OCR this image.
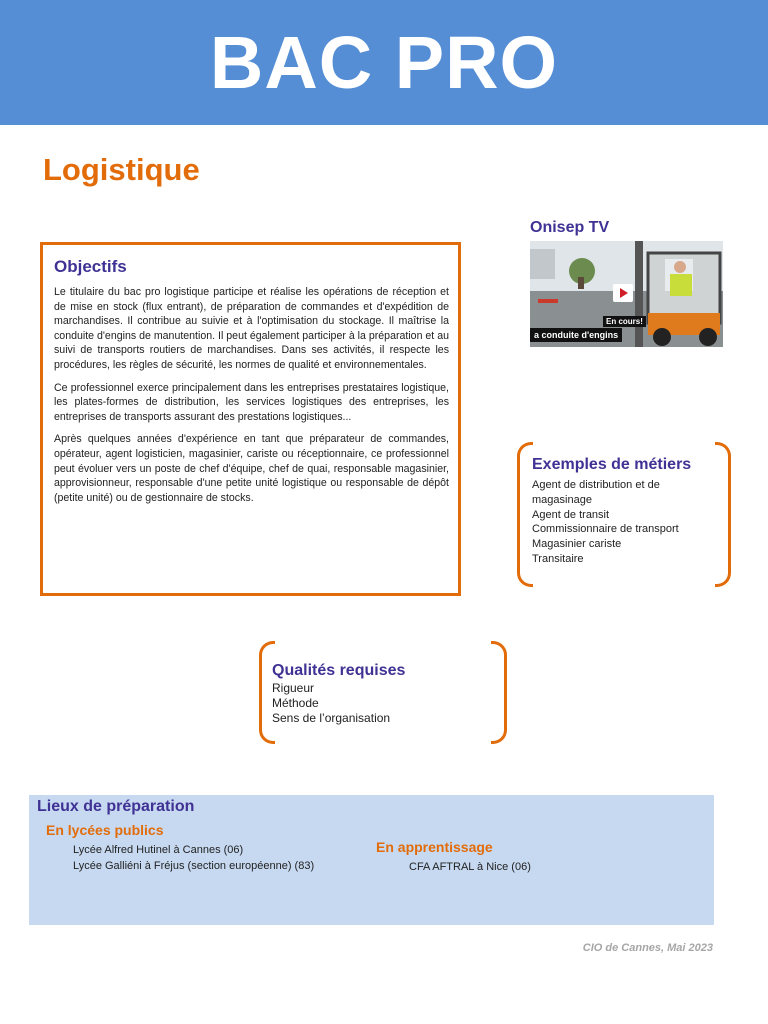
BAC PRO
Logistique
Objectifs

Le titulaire du bac pro logistique participe et réalise les opérations de réception et de mise en stock (flux entrant), de préparation de commandes et d'expédition de marchandises. Il contribue au suivie et à l'optimisation du stockage. Il maîtrise la conduite d'engins de manutention. Il peut également participer à la préparation et au suivi de transports routiers de marchandises. Dans ses activités, il respecte les procédures, les règles de sécurité, les normes de qualité et environnementales.

Ce professionnel exerce principalement dans les entreprises prestataires logistique, les plates-formes de distribution, les services logistiques des entreprises, les entreprises de transports assurant des prestations logistiques...

Après quelques années d'expérience en tant que préparateur de commandes, opérateur, agent logisticien, magasinier, cariste ou réceptionnaire, ce professionnel peut évoluer vers un poste de chef d'équipe, chef de quai, responsable magasinier, approvisionneur, responsable d'une petite unité logistique ou responsable de dépôt (petite unité) ou de gestionnaire de stocks.

Onisep TV
En cours!
a conduite d'engins
Exemples de métiers
Agent de distribution et de magasinage
Agent de transit
Commissionnaire de transport
Magasinier cariste
Transitaire
Qualités requises
Rigueur
Méthode
Sens de l’organisation
Lieux de préparation
En lycées publics
Lycée Alfred Hutinel à Cannes (06)
Lycée Galliéni à Fréjus (section européenne) (83)
En apprentissage
CFA AFTRAL à Nice (06)

CIO de Cannes, Mai 2023
